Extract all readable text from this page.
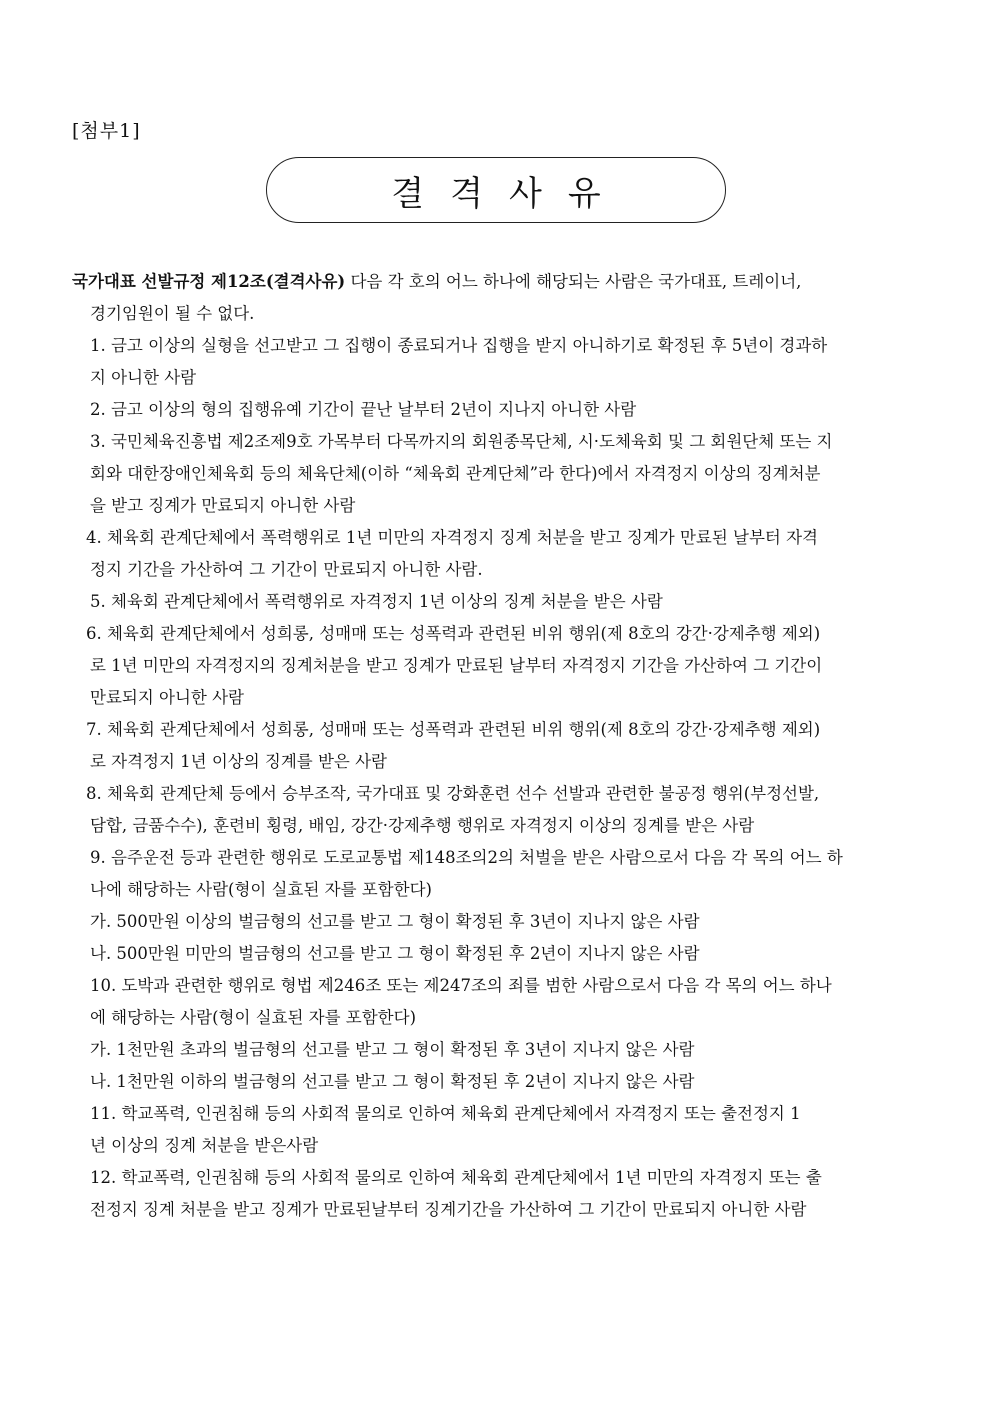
[첨부1]
결격사유
국가대표 선발규정 제12조(결격사유) 다음 각 호의 어느 하나에 해당되는 사람은 국가대표, 트레이너,
경기임원이 될 수 없다.
1. 금고 이상의 실형을 선고받고 그 집행이 종료되거나 집행을 받지 아니하기로 확정된 후 5년이 경과하
지 아니한 사람
2. 금고 이상의 형의 집행유예 기간이 끝난 날부터 2년이 지나지 아니한 사람
3. 국민체육진흥법 제2조제9호 가목부터 다목까지의 회원종목단체, 시·도체육회 및 그 회원단체 또는 지
회와 대한장애인체육회 등의 체육단체(이하 “체육회 관계단체”라 한다)에서 자격정지 이상의 징계처분
을 받고 징계가 만료되지 아니한 사람
4. 체육회 관계단체에서 폭력행위로 1년 미만의 자격정지 징계 처분을 받고 징계가 만료된 날부터 자격
정지 기간을 가산하여 그 기간이 만료되지 아니한 사람.
5. 체육회 관계단체에서 폭력행위로 자격정지 1년 이상의 징계 처분을 받은 사람
6. 체육회 관계단체에서 성희롱, 성매매 또는 성폭력과 관련된 비위 행위(제 8호의 강간·강제추행 제외)
로 1년 미만의 자격정지의 징계처분을 받고 징계가 만료된 날부터 자격정지 기간을 가산하여 그 기간이
만료되지 아니한 사람
7. 체육회 관계단체에서 성희롱, 성매매 또는 성폭력과 관련된 비위 행위(제 8호의 강간·강제추행 제외)
로 자격정지 1년 이상의 징계를 받은 사람
8. 체육회 관계단체 등에서 승부조작, 국가대표 및 강화훈련 선수 선발과 관련한 불공정 행위(부정선발,
담합, 금품수수), 훈련비 횡령, 배임, 강간·강제추행 행위로 자격정지 이상의 징계를 받은 사람
9. 음주운전 등과 관련한 행위로 도로교통법 제148조의2의 처벌을 받은 사람으로서 다음 각 목의 어느 하
나에 해당하는 사람(형이 실효된 자를 포함한다)
가. 500만원 이상의 벌금형의 선고를 받고 그 형이 확정된 후 3년이 지나지 않은 사람
나. 500만원 미만의 벌금형의 선고를 받고 그 형이 확정된 후 2년이 지나지 않은 사람
10. 도박과 관련한 행위로 형법 제246조 또는 제247조의 죄를 범한 사람으로서 다음 각 목의 어느 하나
에 해당하는 사람(형이 실효된 자를 포함한다)
가. 1천만원 초과의 벌금형의 선고를 받고 그 형이 확정된 후 3년이 지나지 않은 사람
나. 1천만원 이하의 벌금형의 선고를 받고 그 형이 확정된 후 2년이 지나지 않은 사람
11. 학교폭력, 인권침해 등의 사회적 물의로 인하여 체육회 관계단체에서 자격정지 또는 출전정지 1
년 이상의 징계 처분을 받은사람
12. 학교폭력, 인권침해 등의 사회적 물의로 인하여 체육회 관계단체에서 1년 미만의 자격정지 또는 출
전정지 징계 처분을 받고 징계가 만료된날부터 징계기간을 가산하여 그 기간이 만료되지 아니한 사람
